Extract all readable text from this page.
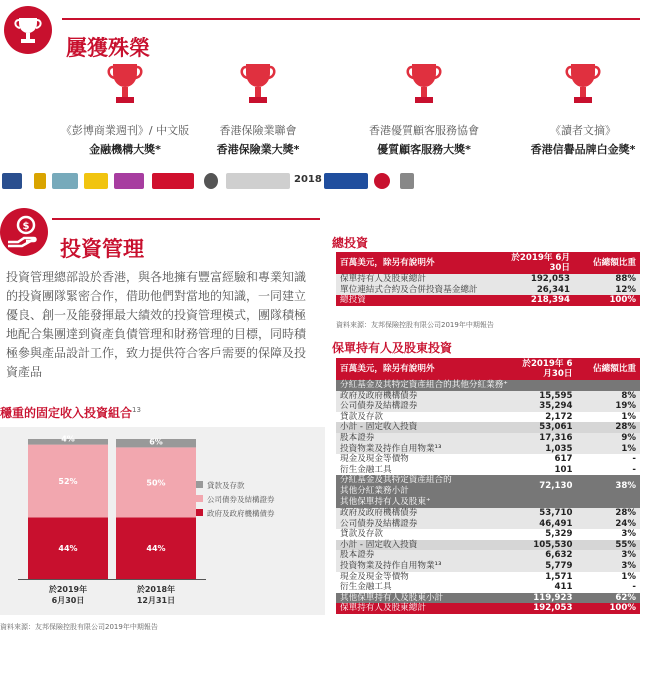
屢獲殊榮
《彭博商業週刊》/ 中文版
金融機構大獎*
香港保險業聯會
香港保險業大獎*
香港優質顧客服務協會
優質顧客服務大獎*
《讀者文摘》
香港信譽品牌白金獎*
2018
$
投資管理
投資管理總部設於香港，與各地擁有豐富經驗和專業知識的投資團隊緊密合作，借助他們對當地的知識，一同建立優良、創一及能發揮最大績效的投資管理模式，團隊積極地配合集團達到資產負債管理和財務管理的目標，同時積極參與產品設計工作，致力提供符合客戶需要的保障及投資產品
穩重的固定收入投資組合$^{13}$
44%
52%
4%
於2019年
6月30日
44%
50%
6%
於2018年
12月31日
貸款及存款
公司債券及結構證券
政府及政府機構債券
資料來源：友邦保險控股有限公司2019年中期報告
總投資
百萬美元，除另有說明外	於2019年 6月30日	佔總額比重
保單持有人及股東總計	192,053	88%
單位連結式合約及合併投資基金總計	26,341	12%
總投資	218,394	100%
資料來源：友邦保險控股有限公司2019年中期報告
保單持有人及股東投資
百萬美元，除另有說明外	於2019年 6月30日	佔總額比重
分紅基金及其特定資產組合的其他分紅業務⁺		
政府及政府機構債券	15,595	8%
公司債券及結構證券	35,294	19%
貸款及存款	2,172	1%
小計 - 固定收入投資	53,061	28%
股本證券	17,316	9%
投資物業及持作自用物業¹³	1,035	1%
現金及現金等價物	617	-
衍生金融工具	101	-

分紅基金及其特定資產組合的
其他分紅業務小計	72,130	38%
其他保單持有人及股東⁺		
政府及政府機構債券	53,710	28%
公司債券及結構證券	46,491	24%
貸款及存款	5,329	3%
小計 - 固定收入投資	105,530	55%
股本證券	6,632	3%
投資物業及持作自用物業¹³	5,779	3%
現金及現金等價物	1,571	1%
衍生金融工具	411	-
其他保單持有人及股東小計	119,923	62%
保單持有人及股東總計	192,053	100%
